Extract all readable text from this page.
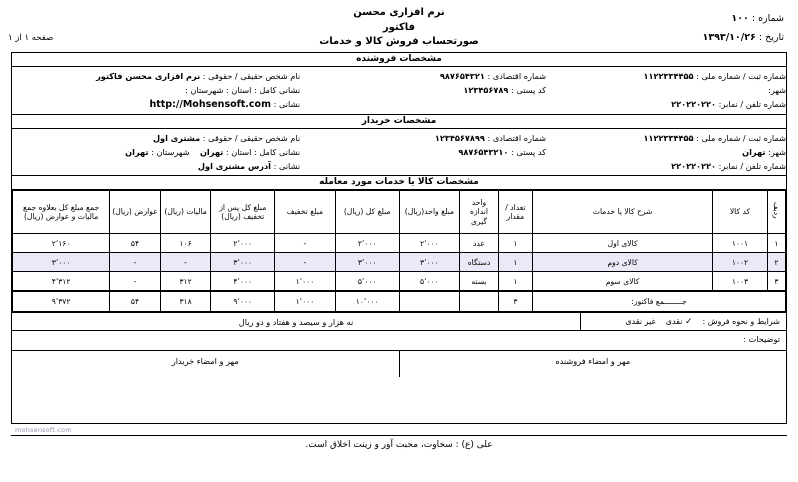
نرم افزاری محسن
فاکتور
صورتحساب فروش کالا و خدمات
شماره : ۱۰۰
تاریخ : ۱۳۹۳/۱۰/۲۶
صفحه ۱ از ۱
مشخصات فروشنده
شماره ثبت / شماره ملی : ۱۱۲۲۳۳۴۴۵۵
شهر:
شماره تلفن / نمابر: ۲۲۰۲۲۰۲۲۰
شماره اقتصادی : ۹۸۷۶۵۴۳۲۱
کد پستی : ۱۲۳۴۵۶۷۸۹

نام شخص حقیقی / حقوقی : نرم افزاری محسن فاکتور
نشانی کامل : استان : شهرستان :
نشانی : http://Mohsensoft.com
مشخصات خریدار
شماره ثبت / شماره ملی : ۱۱۲۲۳۳۴۴۵۵
شهر: تهران
شماره تلفن / نمابر: ۲۲۰۲۲۰۲۲۰
شماره اقتصادی : ۱۲۳۴۵۶۷۸۹۹
کد پستی : ۹۸۷۶۵۴۳۲۱۰

نام شخص حقیقی / حقوقی : مشتری اول
نشانی کامل : استان : تهران    شهرستان : تهران
نشانی : آدرس مشتری اول
مشخصات کالا یا خدمات مورد معامله
ردیف	کد کالا	شرح کالا یا خدمات	تعداد / مقدار	واحد اندازه گیری	مبلغ واحد(ریال)	مبلغ کل (ریال)	مبلغ تخفیف	مبلغ کل پس از تخفیف (ریال)	مالیات (ریال)	عوارض (ریال)	جمع مبلغ کل بعلاوه جمع مالیات و عوارض (ریال)
۱	۱۰۰۱	کالای اول	۱	عدد	۲٬۰۰۰	۲٬۰۰۰	-	۲٬۰۰۰	۱۰۶	۵۴	۲٬۱۶۰
۲	۱۰۰۲	کالای دوم	۱	دستگاه	۳٬۰۰۰	۳٬۰۰۰	-	۳٬۰۰۰	-	-	۳٬۰۰۰
۳	۱۰۰۳	کالای سوم	۱	بسته	۵٬۰۰۰	۵٬۰۰۰	۱٬۰۰۰	۴٬۰۰۰	۳۱۲	-	۴٬۳۱۲
جــــــــمع فاکتور:			۳			۱۰٬۰۰۰	۱٬۰۰۰	۹٬۰۰۰	۳۱۸	۵۴	۹٬۳۷۲
شرایط و نحوه فروش :
✓ نقدی
غیر نقدی
نه هزار و سیصد و هفتاد و دو ریال
توضیحات :
مهر و امضاء فروشنده
مهر و امضاء خریدار
mohsensoft.com
علی (ع) : سخاوت، محبت آور و زینت اخلاق است.
